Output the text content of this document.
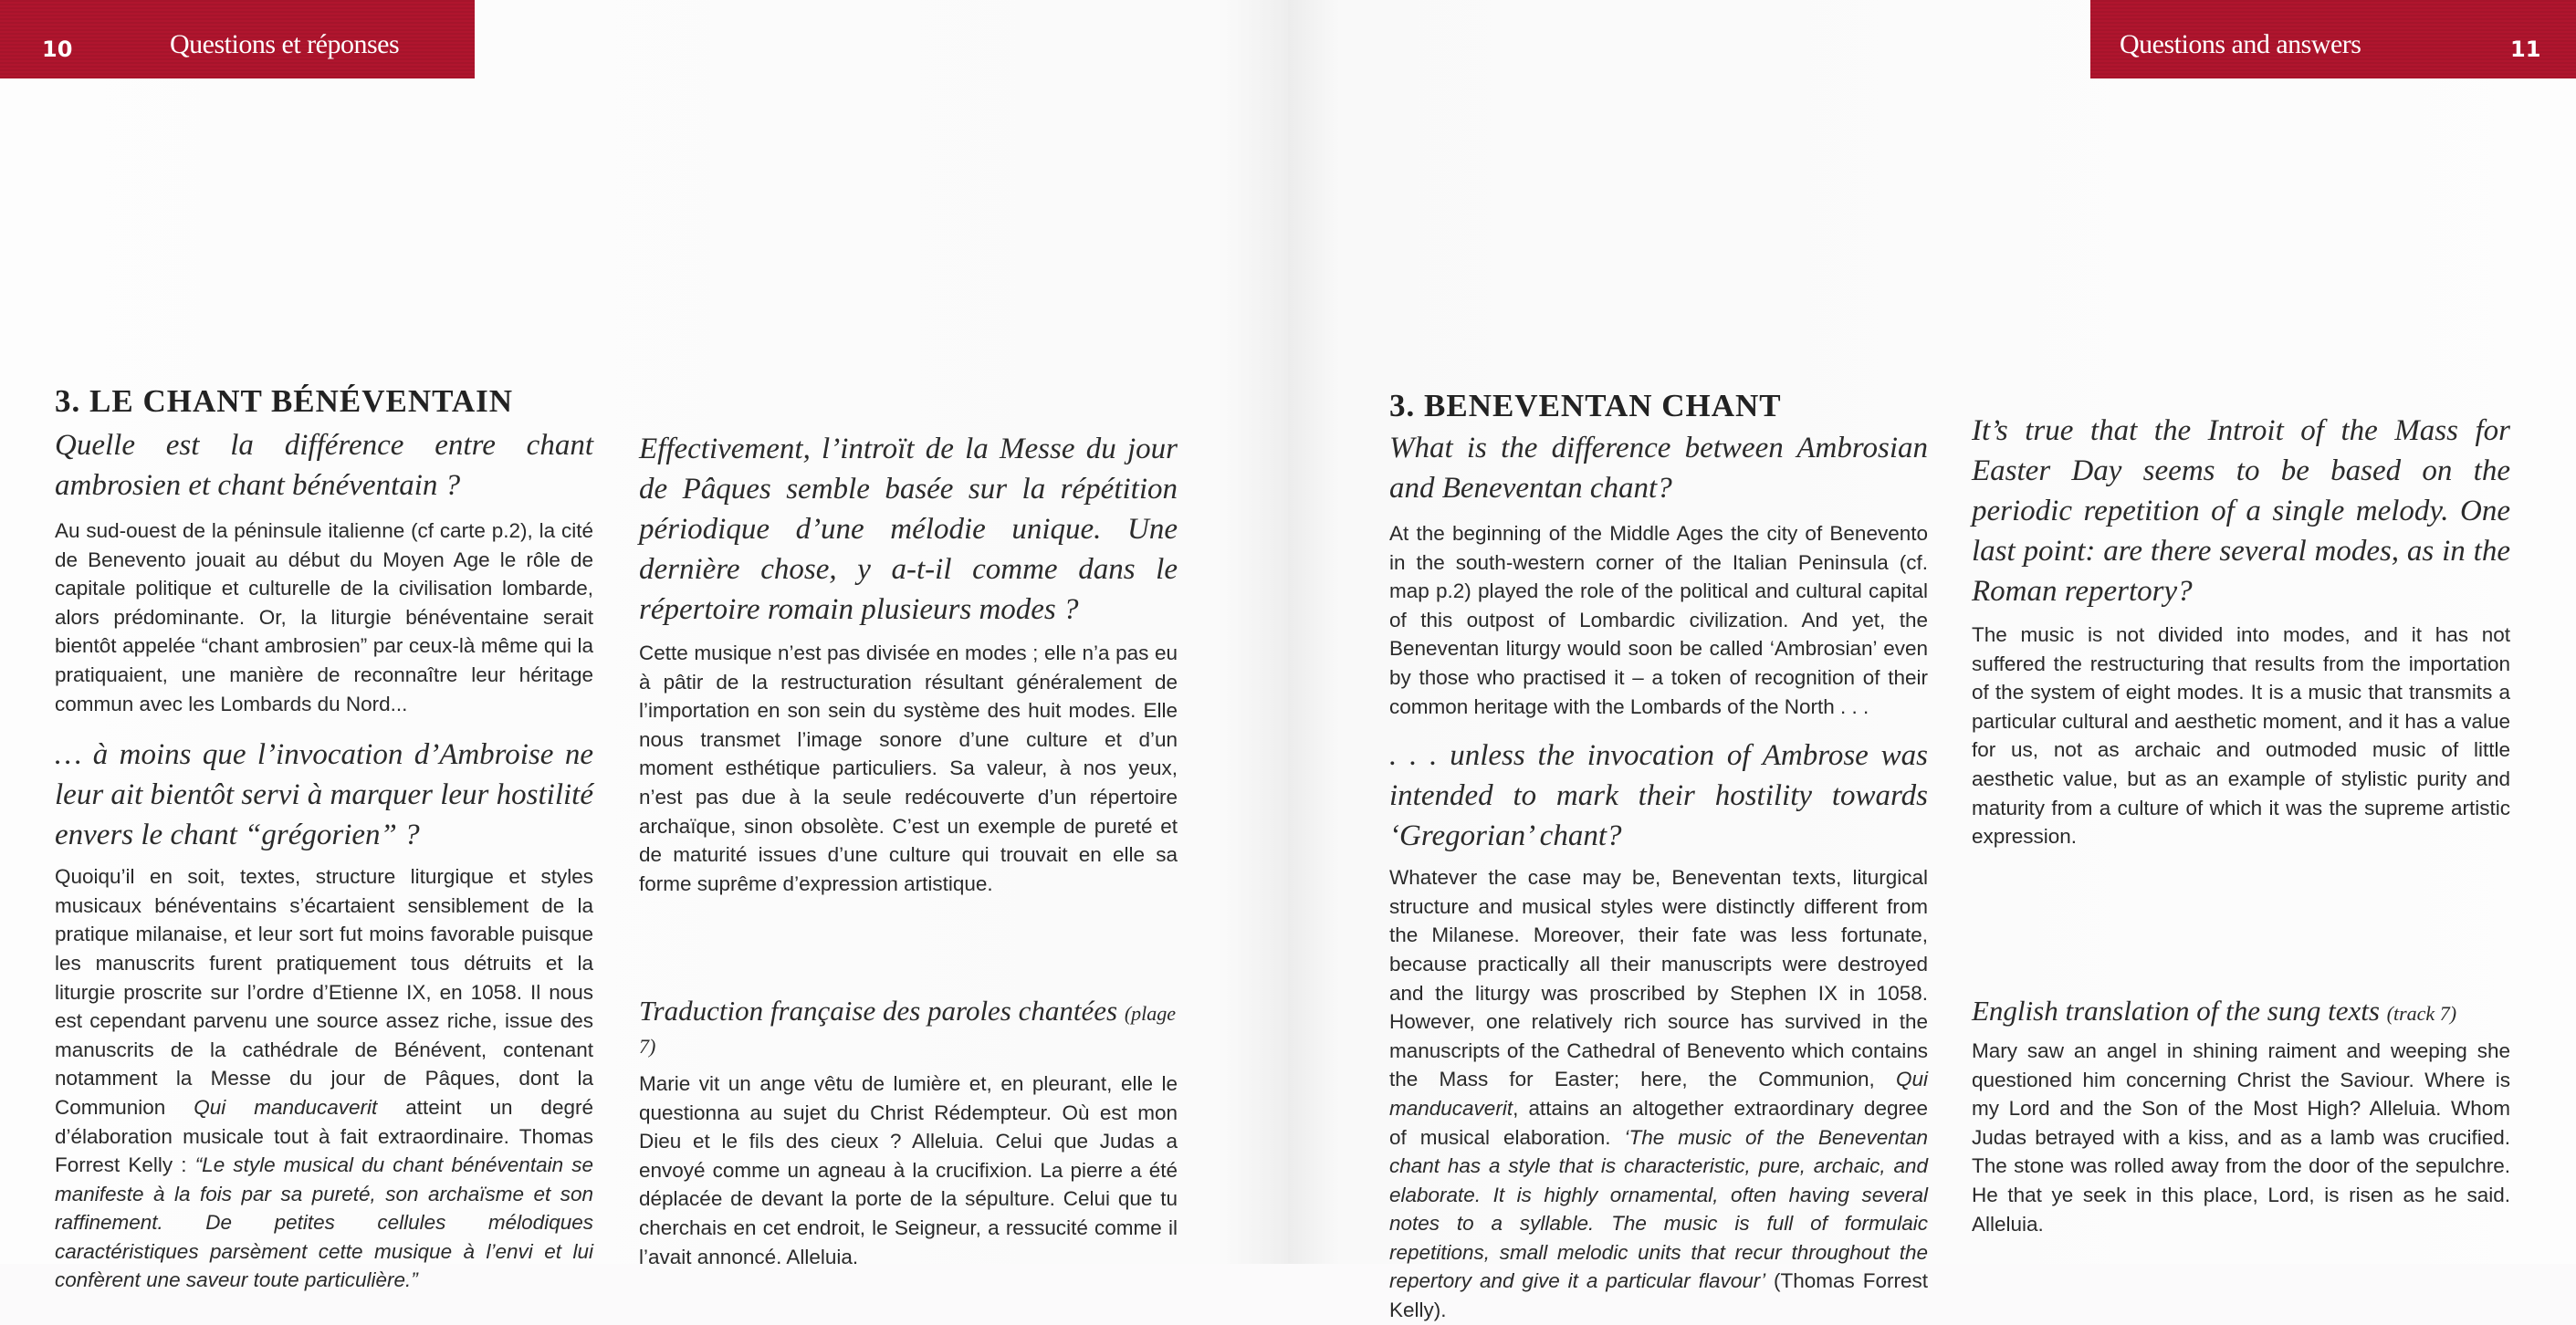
10	Questions et réponses
3. LE CHANT BÉNÉVENTAIN

Quelle est la différence entre chant ambrosien et chant bénéventain ?

Au sud-ouest de la péninsule italienne (cf carte p.2), la cité de Benevento jouait au début du Moyen Age le rôle de capitale politique et culturelle de la civilisation lombarde, alors prédominante. Or, la liturgie bénéventaine serait bientôt appelée “chant ambrosien” par ceux-là même qui la pratiquaient, une manière de reconnaître leur héritage commun avec les Lombards du Nord...

… à moins que l’invocation d’Ambroise ne leur ait bientôt servi à marquer leur hostilité envers le chant “grégorien” ?

Quoiqu’il en soit, textes, structure liturgique et styles musicaux bénéventains s’écartaient sensiblement de la pratique milanaise, et leur sort fut moins favorable puisque les manuscrits furent pratiquement tous détruits et la liturgie proscrite sur l’ordre d’Etienne IX, en 1058. Il nous est cependant parvenu une source assez riche, issue des manuscrits de la cathédrale de Bénévent, contenant notamment la Messe du jour de Pâques, dont la Communion Qui manducaverit atteint un degré d’élaboration musicale tout à fait extraordinaire. Thomas Forrest Kelly : “Le style musical du chant bénéventain se manifeste à la fois par sa pureté, son archaïsme et son raffinement. De petites cellules mélodiques caractéristiques parsèment cette musique à l’envi et lui confèrent une saveur toute particulière.”

Effectivement, l’introït de la Messe du jour de Pâques semble basée sur la répétition périodique d’une mélodie unique. Une dernière chose, y a-t-il comme dans le répertoire romain plusieurs modes ?

Cette musique n’est pas divisée en modes ; elle n’a pas eu à pâtir de la restructuration résultant généralement de l’importation en son sein du système des huit modes. Elle nous transmet l’image sonore d’une culture et d’un moment esthétique particuliers. Sa valeur, à nos yeux, n’est pas due à la seule redécouverte d’un répertoire archaïque, sinon obsolète. C’est un exemple de pureté et de maturité issues d’une culture qui trouvait en elle sa forme suprême d’expression artistique.

Traduction française des paroles chantées (plage 7)

Marie vit un ange vêtu de lumière et, en pleurant, elle le questionna au sujet du Christ Rédempteur. Où est mon Dieu et le fils des cieux ? Alleluia. Celui que Judas a envoyé comme un agneau à la crucifixion. La pierre a été déplacée de devant la porte de la sépulture. Celui que tu cherchais en cet endroit, le Seigneur, a ressucité comme il l’avait annoncé. Alleluia.

Questions and answers	11
3. BENEVENTAN CHANT

What is the difference between Ambrosian and Beneventan chant?

At the beginning of the Middle Ages the city of Benevento in the south-western corner of the Italian Peninsula (cf. map p.2) played the role of the political and cultural capital of this outpost of Lombardic civilization. And yet, the Beneventan liturgy would soon be called ‘Ambrosian’ even by those who practised it – a token of recognition of their common heritage with the Lombards of the North . . .

. . . unless the invocation of Ambrose was intended to mark their hostility towards ‘Gregorian’ chant?

Whatever the case may be, Beneventan texts, liturgical structure and musical styles were distinctly different from the Milanese. Moreover, their fate was less fortunate, because practically all their manuscripts were destroyed and the liturgy was proscribed by Stephen IX in 1058. However, one relatively rich source has survived in the manuscripts of the Cathedral of Benevento which contains the Mass for Easter; here, the Communion, Qui manducaverit, attains an altogether extraordinary degree of musical elaboration. ‘The music of the Beneventan chant has a style that is characteristic, pure, archaic, and elaborate. It is highly ornamental, often having several notes to a syllable. The music is full of formulaic repetitions, small melodic units that recur throughout the repertory and give it a particular flavour’ (Thomas Forrest Kelly).

It’s true that the Introit of the Mass for Easter Day seems to be based on the periodic repetition of a single melody. One last point: are there several modes, as in the Roman repertory?

The music is not divided into modes, and it has not suffered the restructuring that results from the importation of the system of eight modes. It is a music that transmits a particular cultural and aesthetic moment, and it has a value for us, not as archaic and outmoded music of little aesthetic value, but as an example of stylistic purity and maturity from a culture of which it was the supreme artistic expression.

English translation of the sung texts (track 7)

Mary saw an angel in shining raiment and weeping she questioned him concerning Christ the Saviour. Where is my Lord and the Son of the Most High? Alleluia. Whom Judas betrayed with a kiss, and as a lamb was crucified. The stone was rolled away from the door of the sepulchre. He that ye seek in this place, Lord, is risen as he said. Alleluia.
